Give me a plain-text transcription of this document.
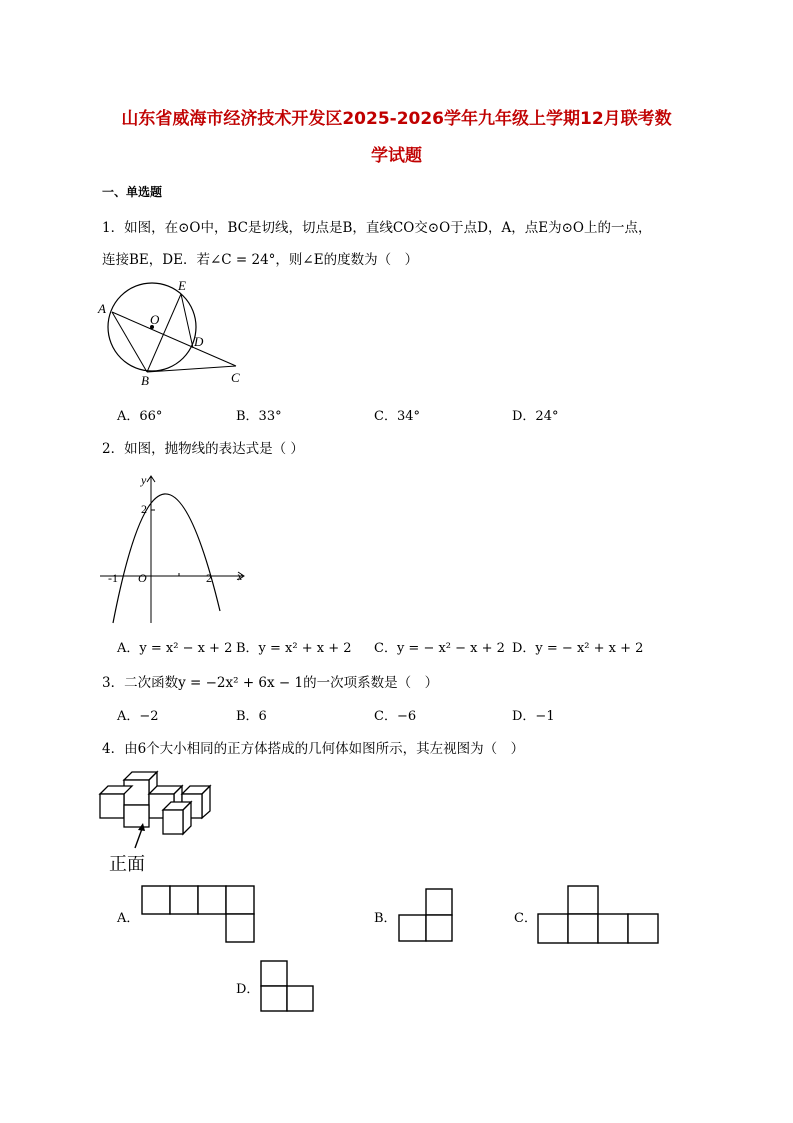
山东省威海市经济技术开发区2025-2026学年九年级上学期12月联考数
学试题
一、单选题
1．如图，在⊙O中，BC是切线，切点是B，直线CO交⊙O于点D，A，点E为⊙O上的一点，
连接BE，DE．若∠C = 24°，则∠E的度数为（　）
A
E
O
D
B	C
A．66°	B．33°	C．34°	D．24°
2．如图，抛物线的表达式是（ ）
y
2
O
-1	2 x
A．y = x² − x + 2 B．y = x² + x + 2 C．y = − x² − x + 2 D．y = − x² + x + 2
3．二次函数y = −2x² + 6x − 1的一次项系数是（　）
A．−2	B．6	C．−6	D．−1
4．由6个大小相同的正方体搭成的几何体如图所示，其左视图为（　）
正面
A．	B．	C．
D．
